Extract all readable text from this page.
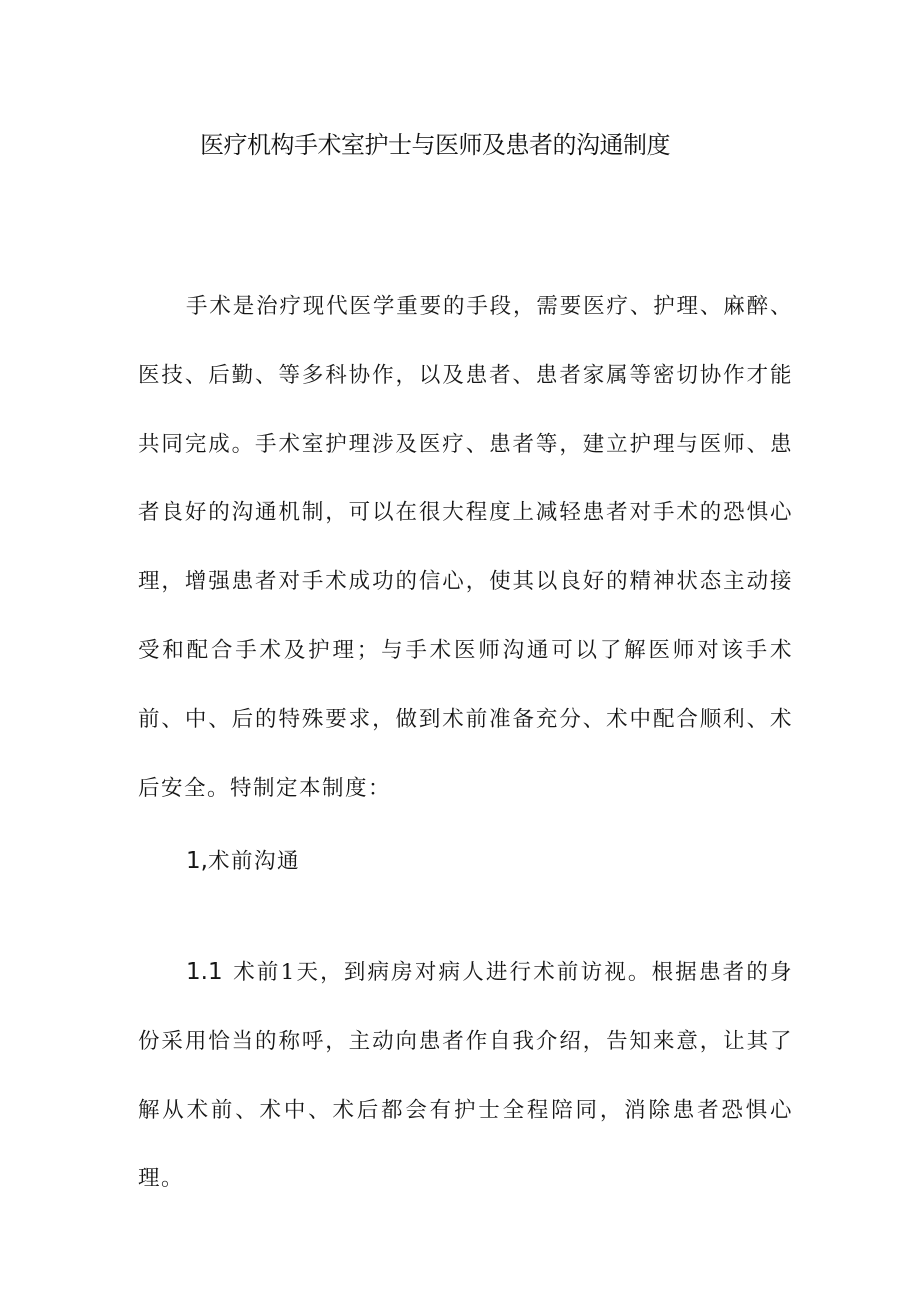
医疗机构手术室护士与医师及患者的沟通制度

手术是治疗现代医学重要的手段，需要医疗、护理、麻醉、医技、后勤、等多科协作，以及患者、患者家属等密切协作才能共同完成。手术室护理涉及医疗、患者等，建立护理与医师、患者良好的沟通机制，可以在很大程度上减轻患者对手术的恐惧心理，增强患者对手术成功的信心，使其以良好的精神状态主动接受和配合手术及护理；与手术医师沟通可以了解医师对该手术前、中、后的特殊要求，做到术前准备充分、术中配合顺利、术后安全。特制定本制度：

1,术前沟通

1.1 术前1天，到病房对病人进行术前访视。根据患者的身份采用恰当的称呼，主动向患者作自我介绍，告知来意，让其了解从术前、术中、术后都会有护士全程陪同，消除患者恐惧心理。
